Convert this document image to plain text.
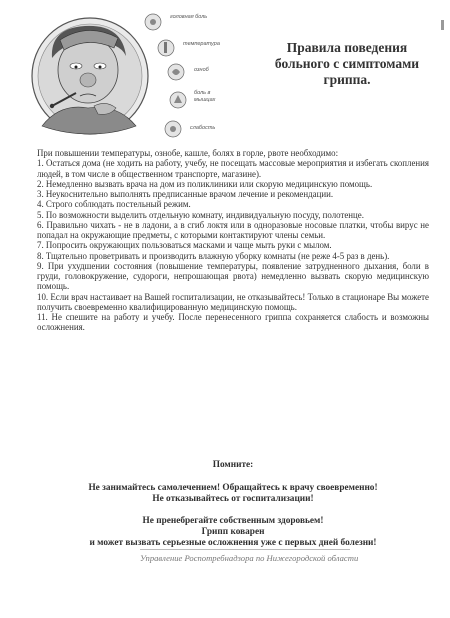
головная боль
температура
озноб
боль в мышцах
слабость
Правила поведения
больного с симптомами
гриппа.

При повышении температуры, ознобе, кашле, болях в горле, рвоте необходимо:

1. Остаться дома (не ходить на работу, учебу, не посещать массовые мероприятия и избегать скопления людей, в том числе в общественном транспорте, магазине).

2. Немедленно вызвать врача на дом из поликлиники или скорую медицинскую помощь.

3. Неукоснительно выполнять предписанные врачом лечение и рекомендации.

4. Строго соблюдать постельный режим.

5. По возможности выделить отдельную комнату, индивидуальную посуду, полотенце.

6. Правильно чихать - не в ладони, а в сгиб локтя или в одноразовые носовые платки, чтобы вирус не попадал на окружающие предметы, с которыми контактируют члены семьи.

7. Попросить окружающих пользоваться масками и чаще мыть руки с мылом.

8. Тщательно проветривать и производить влажную уборку комнаты (не реже 4-5 раз в день).

9. При ухудшении состояния (повышение температуры, появление затрудненного дыхания, боли в груди, головокружение, судороги, непрошающая рвота) немедленно вызвать скорую медицинскую помощь.

10. Если врач настаивает на Вашей госпитализации, не отказывайтесь! Только в стационаре Вы можете получить своевременно квалифицированную медицинскую помощь.

11. Не спешите на работу и учебу. После перенесенного гриппа сохраняется слабость и возможны осложнения.

Помните:
Не занимайтесь самолечением! Обращайтесь к врачу своевременно!
Не отказывайтесь от госпитализации!
Не пренебрегайте собственным здоровьем!
Грипп коварен
и может вызвать серьезные осложнения уже с первых дней болезни!
Управление Роспотребнадзора по Нижегородской области
